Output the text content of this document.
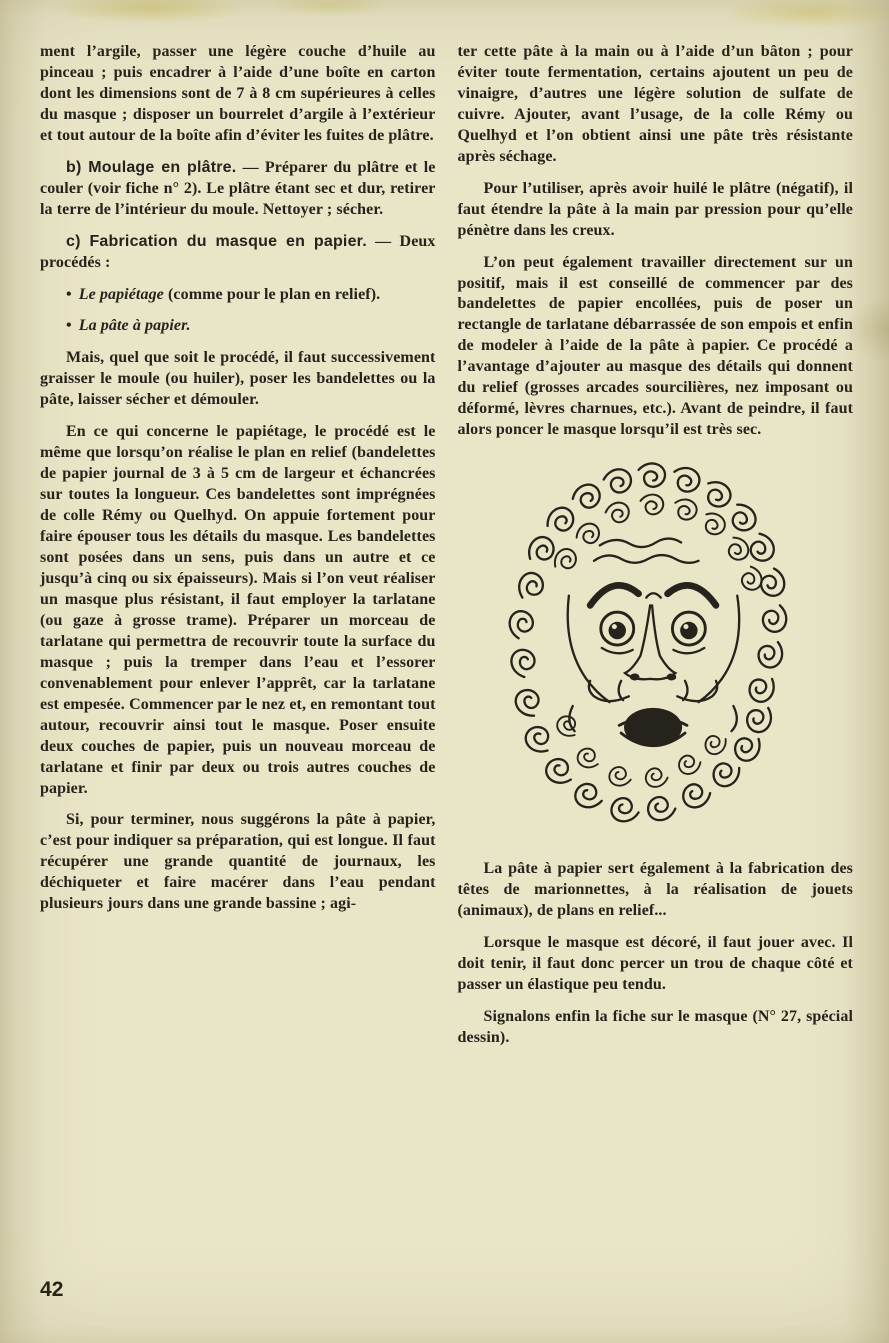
ment l’argile, passer une légère couche d’huile au pinceau ; puis encadrer à l’aide d’une boîte en carton dont les dimensions sont de 7 à 8 cm supérieures à celles du masque ; disposer un bourrelet d’argile à l’extérieur et tout autour de la boîte afin d’éviter les fuites de plâtre.

b) Moulage en plâtre. — Préparer du plâtre et le couler (voir fiche n° 2). Le plâtre étant sec et dur, retirer la terre de l’intérieur du moule. Nettoyer ; sécher.

c) Fabrication du masque en papier. — Deux procédés :

• Le papiétage (comme pour le plan en relief).

• La pâte à papier.

Mais, quel que soit le procédé, il faut successivement graisser le moule (ou huiler), poser les bandelettes ou la pâte, laisser sécher et démouler.

En ce qui concerne le papiétage, le procédé est le même que lorsqu’on réalise le plan en relief (bandelettes de papier journal de 3 à 5 cm de largeur et échancrées sur toutes la longueur. Ces bandelettes sont imprégnées de colle Rémy ou Quelhyd. On appuie fortement pour faire épouser tous les détails du masque. Les bandelettes sont posées dans un sens, puis dans un autre et ce jusqu’à cinq ou six épaisseurs). Mais si l’on veut réaliser un masque plus résistant, il faut employer la tarlatane (ou gaze à grosse trame). Préparer un morceau de tarlatane qui permettra de recouvrir toute la surface du masque ; puis la tremper dans l’eau et l’essorer convenablement pour enlever l’apprêt, car la tarlatane est empesée. Commencer par le nez et, en remontant tout autour, recouvrir ainsi tout le masque. Poser ensuite deux couches de papier, puis un nouveau morceau de tarlatane et finir par deux ou trois autres couches de papier.

Si, pour terminer, nous suggérons la pâte à papier, c’est pour indiquer sa préparation, qui est longue. Il faut récupérer une grande quantité de journaux, les déchiqueter et faire macérer dans l’eau pendant plusieurs jours dans une grande bassine ; agi-

ter cette pâte à la main ou à l’aide d’un bâton ; pour éviter toute fermentation, certains ajoutent un peu de vinaigre, d’autres une légère solution de sulfate de cuivre. Ajouter, avant l’usage, de la colle Rémy ou Quelhyd et l’on obtient ainsi une pâte très résistante après séchage.

Pour l’utiliser, après avoir huilé le plâtre (négatif), il faut étendre la pâte à la main par pression pour qu’elle pénètre dans les creux.

L’on peut également travailler directement sur un positif, mais il est conseillé de commencer par des bandelettes de papier encollées, puis de poser un rectangle de tarlatane débarrassée de son empois et enfin de modeler à l’aide de la pâte à papier. Ce procédé a l’avantage d’ajouter au masque des détails qui donnent du relief (grosses arcades sourcilières, nez imposant ou déformé, lèvres charnues, etc.). Avant de peindre, il faut alors poncer le masque lorsqu’il est très sec.

La pâte à papier sert également à la fabrication des têtes de marionnettes, à la réalisation de jouets (animaux), de plans en relief...

Lorsque le masque est décoré, il faut jouer avec. Il doit tenir, il faut donc percer un trou de chaque côté et passer un élastique peu tendu.

Signalons enfin la fiche sur le masque (N° 27, spécial dessin).

42
